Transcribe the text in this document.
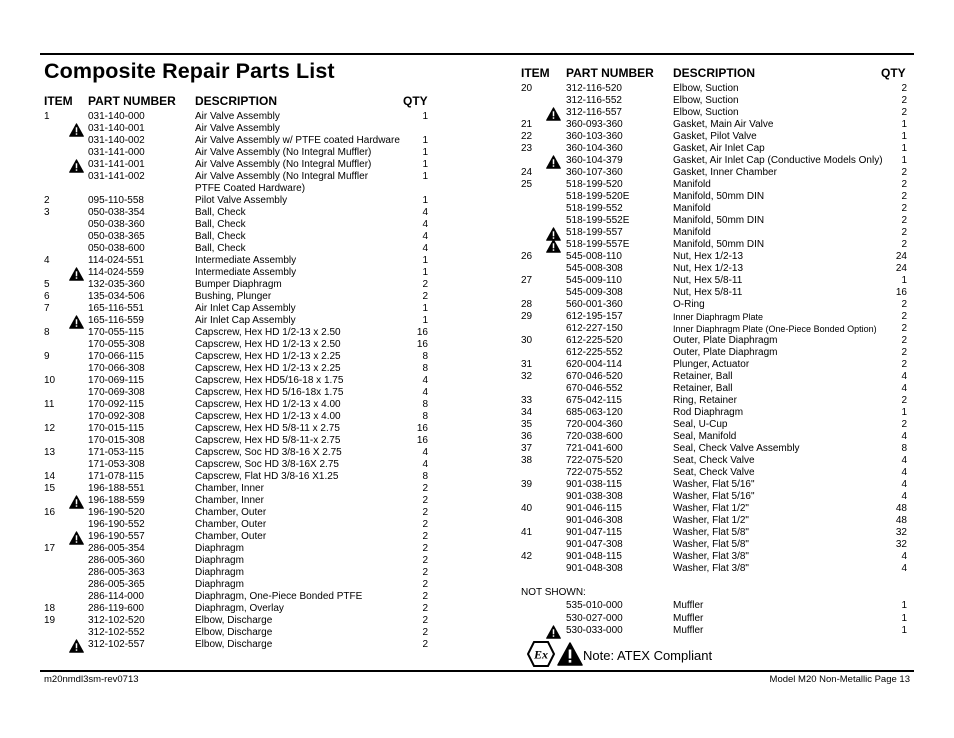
Composite Repair Parts List
ITEM PART NUMBER DESCRIPTION	QTY
ITEM PART NUMBER DESCRIPTION	QTY
1	031-140-000	Air Valve Assembly	1
031-140-001	Air Valve Assembly
031-140-002	Air Valve Assembly w/ PTFE coated Hardware 1
031-141-000	Air Valve Assembly (No Integral Muffler)	1
031-141-001	Air Valve Assembly (No Integral Muffler)	1
031-141-002	Air Valve Assembly (No Integral Muffler	1
PTFE Coated Hardware)
2	095-110-558	Pilot Valve Assembly	1
3	050-038-354	Ball, Check	4
050-038-360	Ball, Check	4
050-038-365	Ball, Check	4
050-038-600	Ball, Check	4
4	114-024-551	Intermediate Assembly	1
114-024-559	Intermediate Assembly	1
5	132-035-360	Bumper Diaphragm	2
6	135-034-506	Bushing, Plunger	2
7	165-116-551	Air Inlet Cap Assembly	1
165-116-559	Air Inlet Cap Assembly	1
8	170-055-115	Capscrew, Hex HD 1/2-13 x 2.50	16
170-055-308	Capscrew, Hex HD 1/2-13 x 2.50	16
9	170-066-115	Capscrew, Hex HD 1/2-13 x 2.25	8
170-066-308	Capscrew, Hex HD 1/2-13 x 2.25	8
10	170-069-115	Capscrew, Hex HD5/16-18 x 1.75	4
170-069-308	Capscrew, Hex HD 5/16-18x 1.75	4
11	170-092-115	Capscrew, Hex HD 1/2-13 x 4.00	8
170-092-308	Capscrew, Hex HD 1/2-13 x 4.00	8
12	170-015-115	Capscrew, Hex HD 5/8-11 x 2.75	16
170-015-308	Capscrew, Hex HD 5/8-11-x 2.75	16
13	171-053-115	Capscrew, Soc HD 3/8-16 X 2.75	4
171-053-308	Capscrew, Soc HD 3/8-16X 2.75	4
14	171-078-115	Capscrew, Flat HD 3/8-16 X1.25	8
15	196-188-551	Chamber, Inner	2
196-188-559	Chamber, Inner	2
16	196-190-520	Chamber, Outer	2
196-190-552	Chamber, Outer	2
196-190-557	Chamber, Outer	2
17	286-005-354	Diaphragm	2
286-005-360	Diaphragm	2
286-005-363	Diaphragm	2
286-005-365	Diaphragm	2
286-114-000	Diaphragm, One-Piece Bonded PTFE	2
18	286-119-600	Diaphragm, Overlay	2
19	312-102-520	Elbow, Discharge	2
312-102-552	Elbow, Discharge	2
312-102-557	Elbow, Discharge	2
20	312-116-520	Elbow, Suction	2
312-116-552	Elbow, Suction	2
312-116-557	Elbow, Suction	2
21	360-093-360	Gasket, Main Air Valve	1
22	360-103-360	Gasket, Pilot Valve	1
23	360-104-360	Gasket, Air Inlet Cap	1
360-104-379	Gasket, Air Inlet Cap (Conductive Models Only) 1
24	360-107-360	Gasket, Inner Chamber	2
25	518-199-520	Manifold	2
518-199-520E	Manifold, 50mm DIN	2
518-199-552	Manifold	2
518-199-552E	Manifold, 50mm DIN	2
518-199-557	Manifold	2
518-199-557E	Manifold, 50mm DIN	2
26	545-008-110	Nut, Hex 1/2-13	24
545-008-308	Nut, Hex 1/2-13	24
27	545-009-110	Nut, Hex 5/8-11	1
545-009-308	Nut, Hex 5/8-11	16
28	560-001-360	O-Ring	2
29	612-195-157	Inner Diaphragm Plate	2
612-227-150	Inner Diaphragm Plate (One-Piece Bonded Option) 2
30	612-225-520	Outer, Plate Diaphragm	2
612-225-552	Outer, Plate Diaphragm	2
31	620-004-114	Plunger, Actuator	2
32	670-046-520	Retainer, Ball	4
670-046-552	Retainer, Ball	4
33	675-042-115	Ring, Retainer	2
34	685-063-120	Rod Diaphragm	1
35	720-004-360	Seal, U-Cup	2
36	720-038-600	Seal, Manifold	4
37	721-041-600	Seal, Check Valve Assembly	8
38	722-075-520	Seat, Check Valve	4
722-075-552	Seat, Check Valve	4
39	901-038-115	Washer, Flat 5/16"	4
901-038-308	Washer, Flat 5/16"	4
40	901-046-115	Washer, Flat 1/2"	48
901-046-308	Washer, Flat 1/2"	48
41	901-047-115	Washer, Flat 5/8"	32
901-047-308	Washer, Flat 5/8"	32
42	901-048-115	Washer, Flat 3/8"	4
901-048-308	Washer, Flat 3/8"	4
NOT SHOWN:
535-010-000	Muffler	1
530-027-000	Muffler	1
530-033-000	Muffler	1
Ex	Note: ATEX Compliant
m20nmdl3sm-rev0713	Model M20 Non-Metallic Page 13
